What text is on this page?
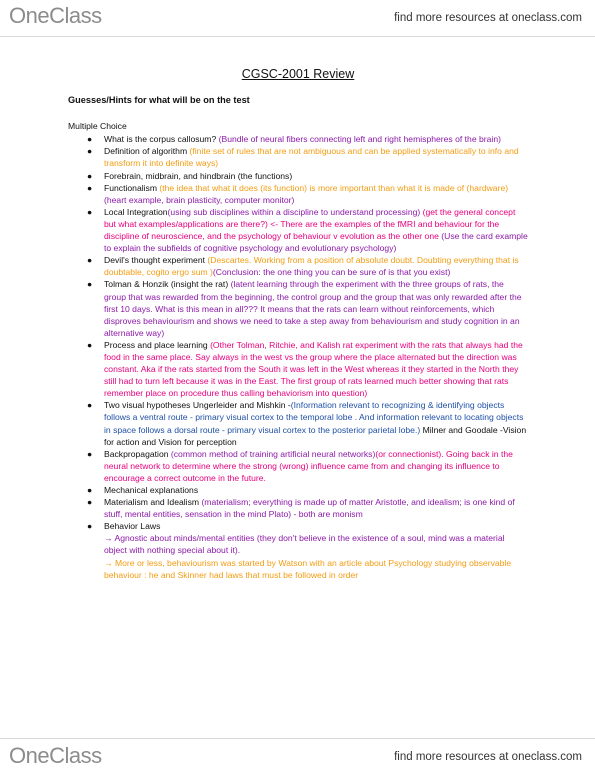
OneClass	find more resources at oneclass.com
CGSC-2001 Review
Guesses/Hints for what will be on the test
Multiple Choice
● What is the corpus callosum? (Bundle of neural fibers connecting left and right hemispheres of the brain)
● Definition of algorithm (finite set of rules that are not ambiguous and can be applied systematically to info and transform it into definite ways)
● Forebrain, midbrain, and hindbrain (the functions)
● Functionalism (the idea that what it does (its function) is more important than what it is made of (hardware) (heart example, brain plasticity, computer monitor)
● Local Integration(using sub disciplines within a discipline to understand processing) (get the general concept but what examples/applications are there?) <- There are the examples of the fMRI and behaviour for the discipline of neuroscience, and the psychology of behaviour v evolution as the other one (Use the card example to explain the subfields of cognitive psychology and evolutionary psychology)
● Devil's thought experiment (Descartes. Working from a position of absolute doubt. Doubting everything that is doubtable, cogito ergo sum )(Conclusion: the one thing you can be sure of is that you exist)
● Tolman & Honzik (insight the rat) (latent learning through the experiment with the three groups of rats, the group that was rewarded from the beginning, the control group and the group that was only rewarded after the first 10 days. What is this mean in all??? It means that the rats can learn without reinforcements, which disproves behaviourism and shows we need to take a step away from behaviourism and study cognition in an alternative way)
● Process and place learning (Other Tolman, Ritchie, and Kalish rat experiment with the rats that always had the food in the same place. Say always in the west vs the group where the place alternated but the direction was constant. Aka if the rats started from the South it was left in the West whereas it they started in the North they still had to turn left because it was in the East. The first group of rats learned much better showing that rats remember place on procedure thus calling behaviorism into question)
● Two visual hypotheses Ungerleider and Mishkin -(Information relevant to recognizing & identifying objects follows a ventral route - primary visual cortex to the temporal lobe . And information relevant to locating objects in space follows a dorsal route - primary visual cortex to the posterior parietal lobe.) Milner and Goodale -Vision for action and Vision for perception
● Backpropagation (common method of training artificial neural networks)(or connectionist). Going back in the neural network to determine where the strong (wrong) influence came from and changing its influence to encourage a correct outcome in the future.
● Mechanical explanations
● Materialism and Idealism (materialism; everything is made up of matter Aristotle, and idealism; is one kind of stuff, mental entities, sensation in the mind Plato) - both are monism
● Behavior Laws
→ Agnostic about minds/mental entities (they don't believe in the existence of a soul, mind was a material object with nothing special about it).
→ More or less, behaviourism was started by Watson with an article about Psychology studying observable behaviour : he and Skinner had laws that must be followed in order
OneClass	find more resources at oneclass.com
